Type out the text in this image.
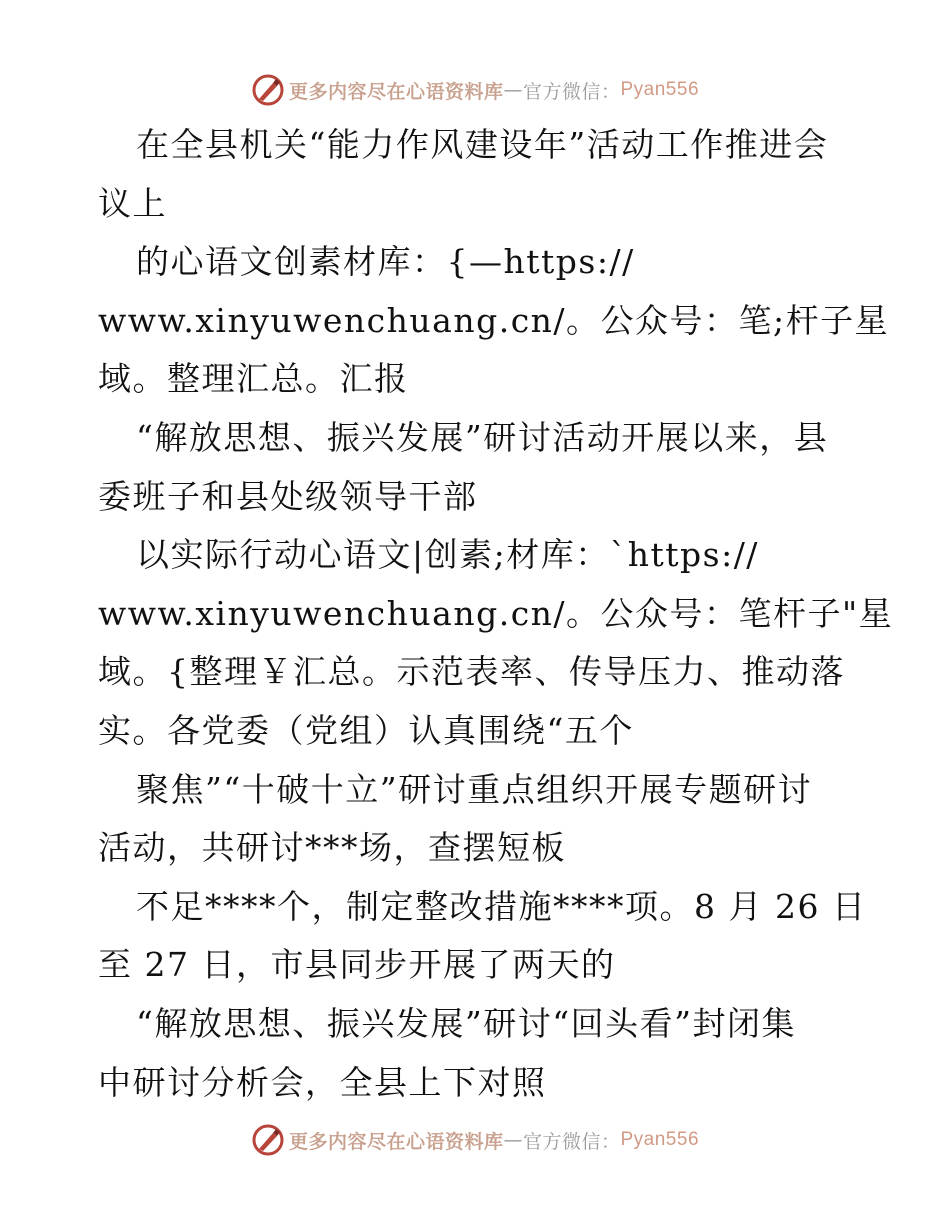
更多内容尽在心语资料库 — 官方微信： Pyan556
在全县机关“能力作风建设年”活动工作推进会
议上
的心语文创素材库：{—https://
www.xinyuwenchuang.cn/。公众号：笔;杆子星
域。整理汇总。汇报
“解放思想、振兴发展”研讨活动开展以来，县
委班子和县处级领导干部
以实际行动心语文|创素;材库：`https://
www.xinyuwenchuang.cn/。公众号：笔杆子"星
域。{整理￥汇总。示范表率、传导压力、推动落
实。各党委（党组）认真围绕“五个
聚焦”“十破十立”研讨重点组织开展专题研讨
活动，共研讨***场，查摆短板
不足****个，制定整改措施****项。8 月 26 日
至 27 日，市县同步开展了两天的
“解放思想、振兴发展”研讨“回头看”封闭集
中研讨分析会，全县上下对照
更多内容尽在心语资料库 — 官方微信： Pyan556
